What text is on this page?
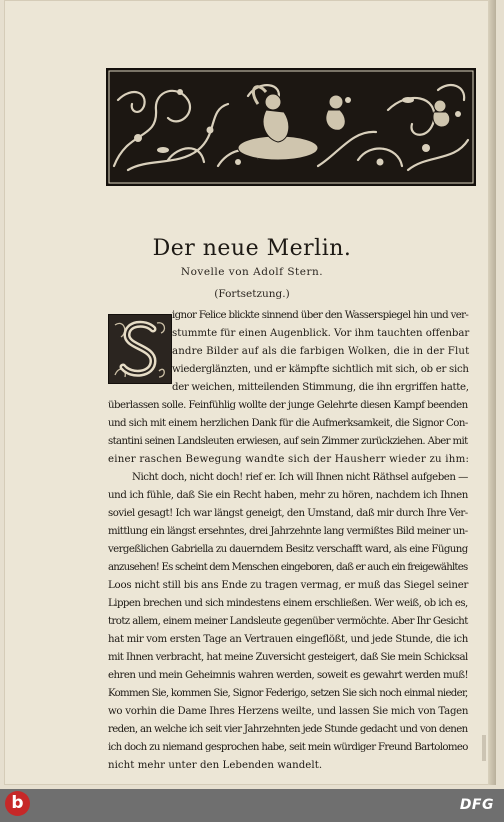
Der neue Merlin.
Novelle von Adolf Stern.
(Fortsetzung.)
ignor Felice blickte sinnend über den Wasserspiegel hin und ver-
stummte für einen Augenblick. Vor ihm tauchten offenbar
andre Bilder auf als die farbigen Wolken, die in der Flut
wiederglänzten, und er kämpfte sichtlich mit sich, ob er sich
der weichen, mitteilenden Stimmung, die ihn ergriffen hatte,
überlassen solle. Feinfühlig wollte der junge Gelehrte diesen Kampf beenden
und sich mit einem herzlichen Dank für die Aufmerksamkeit, die Signor Con-
stantini seinen Landsleuten erwiesen, auf sein Zimmer zurückziehen. Aber mit
einer raschen Bewegung wandte sich der Hausherr wieder zu ihm:
Nicht doch, nicht doch! rief er. Ich will Ihnen nicht Räthsel aufgeben —
und ich fühle, daß Sie ein Recht haben, mehr zu hören, nachdem ich Ihnen
soviel gesagt! Ich war längst geneigt, den Umstand, daß mir durch Ihre Ver-
mittlung ein längst ersehntes, drei Jahrzehnte lang vermißtes Bild meiner un-
vergeßlichen Gabriella zu dauerndem Besitz verschafft ward, als eine Fügung
anzusehen! Es scheint dem Menschen eingeboren, daß er auch ein freigewähltes
Loos nicht still bis ans Ende zu tragen vermag, er muß das Siegel seiner
Lippen brechen und sich mindestens einem erschließen. Wer weiß, ob ich es,
trotz allem, einem meiner Landsleute gegenüber vermöchte. Aber Ihr Gesicht
hat mir vom ersten Tage an Vertrauen eingeflößt, und jede Stunde, die ich
mit Ihnen verbracht, hat meine Zuversicht gesteigert, daß Sie mein Schicksal
ehren und mein Geheimnis wahren werden, soweit es gewahrt werden muß!
Kommen Sie, kommen Sie, Signor Federigo, setzen Sie sich noch einmal nieder,
wo vorhin die Dame Ihres Herzens weilte, und lassen Sie mich von Tagen
reden, an welche ich seit vier Jahrzehnten jede Stunde gedacht und von denen
ich doch zu niemand gesprochen habe, seit mein würdiger Freund Bartolomeo
nicht mehr unter den Lebenden wandelt.
b	DFG
